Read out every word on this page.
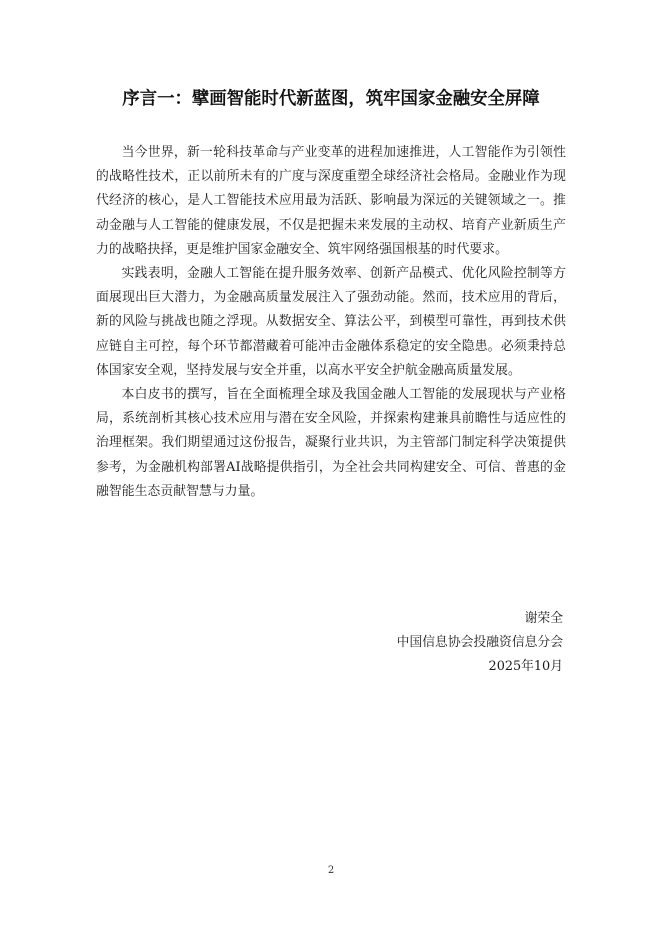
序言一：擘画智能时代新蓝图，筑牢国家金融安全屏障

当今世界，新一轮科技革命与产业变革的进程加速推进，人工智能作为引领性的战略性技术，正以前所未有的广度与深度重塑全球经济社会格局。金融业作为现代经济的核心，是人工智能技术应用最为活跃、影响最为深远的关键领域之一。推动金融与人工智能的健康发展，不仅是把握未来发展的主动权、培育产业新质生产力的战略抉择，更是维护国家金融安全、筑牢网络强国根基的时代要求。

实践表明，金融人工智能在提升服务效率、创新产品模式、优化风险控制等方面展现出巨大潜力，为金融高质量发展注入了强劲动能。然而，技术应用的背后，新的风险与挑战也随之浮现。从数据安全、算法公平，到模型可靠性，再到技术供应链自主可控，每个环节都潜藏着可能冲击金融体系稳定的安全隐患。必须秉持总体国家安全观，坚持发展与安全并重，以高水平安全护航金融高质量发展。

本白皮书的撰写，旨在全面梳理全球及我国金融人工智能的发展现状与产业格局，系统剖析其核心技术应用与潜在安全风险，并探索构建兼具前瞻性与适应性的治理框架。我们期望通过这份报告，凝聚行业共识，为主管部门制定科学决策提供参考，为金融机构部署AI战略提供指引，为全社会共同构建安全、可信、普惠的金融智能生态贡献智慧与力量。

谢荣全
中国信息协会投融资信息分会
2025年10月
2
